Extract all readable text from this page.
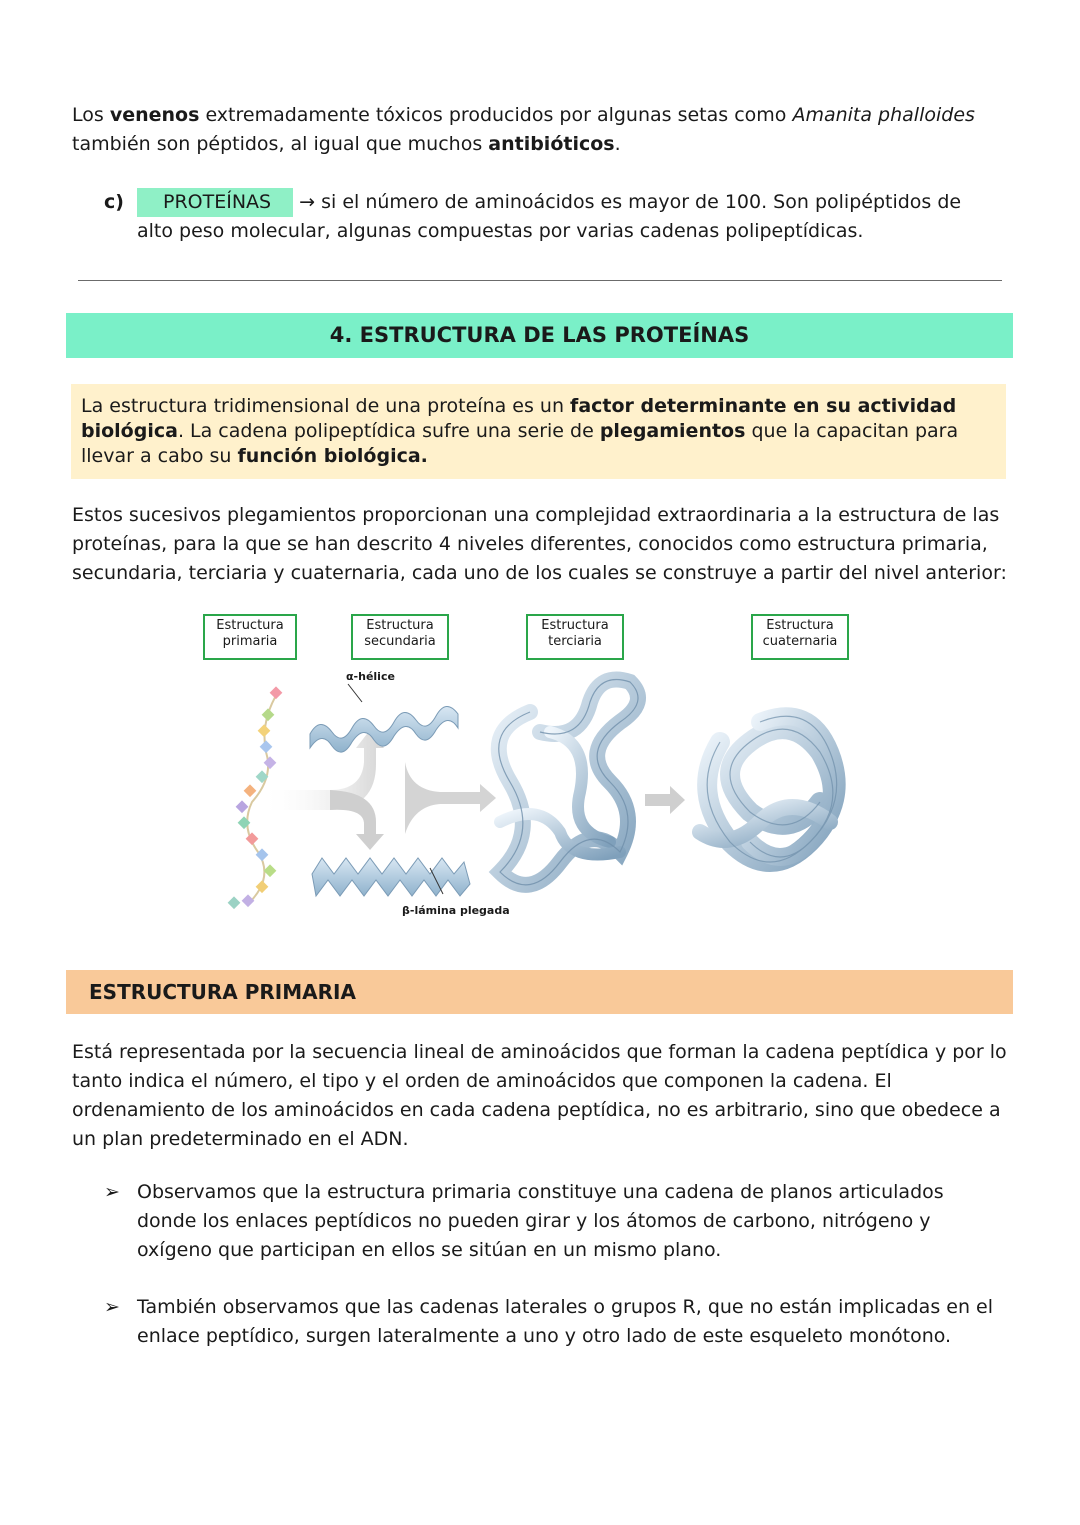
Los venenos extremadamente tóxicos producidos por algunas setas como Amanita phalloides también son péptidos, al igual que muchos antibióticos.

c)	PROTEÍNAS → si el número de aminoácidos es mayor de 100. Son polipéptidos de alto peso molecular, algunas compuestas por varias cadenas polipeptídicas.
4. ESTRUCTURA DE LAS PROTEÍNAS
La estructura tridimensional de una proteína es un factor determinante en su actividad biológica. La cadena polipeptídica sufre una serie de plegamientos que la capacitan para llevar a cabo su función biológica.

Estos sucesivos plegamientos proporcionan una complejidad extraordinaria a la estructura de las proteínas, para la que se han descrito 4 niveles diferentes, conocidos como estructura primaria, secundaria, terciaria y cuaternaria, cada uno de los cuales se construye a partir del nivel anterior:

Estructura
primaria
Estructura
secundaria
Estructura
terciaria
Estructura
cuaternaria
α-hélice
β-lámina plegada
ESTRUCTURA PRIMARIA

Está representada por la secuencia lineal de aminoácidos que forman la cadena peptídica y por lo tanto indica el número, el tipo y el orden de aminoácidos que componen la cadena. El ordenamiento de los aminoácidos en cada cadena peptídica, no es arbitrario, sino que obedece a un plan predeterminado en el ADN.

➢ Observamos que la estructura primaria constituye una cadena de planos articulados donde los enlaces peptídicos no pueden girar y los átomos de carbono, nitrógeno y oxígeno que participan en ellos se sitúan en un mismo plano.
➢ También observamos que las cadenas laterales o grupos R, que no están implicadas en el enlace peptídico, surgen lateralmente a uno y otro lado de este esqueleto monótono.
